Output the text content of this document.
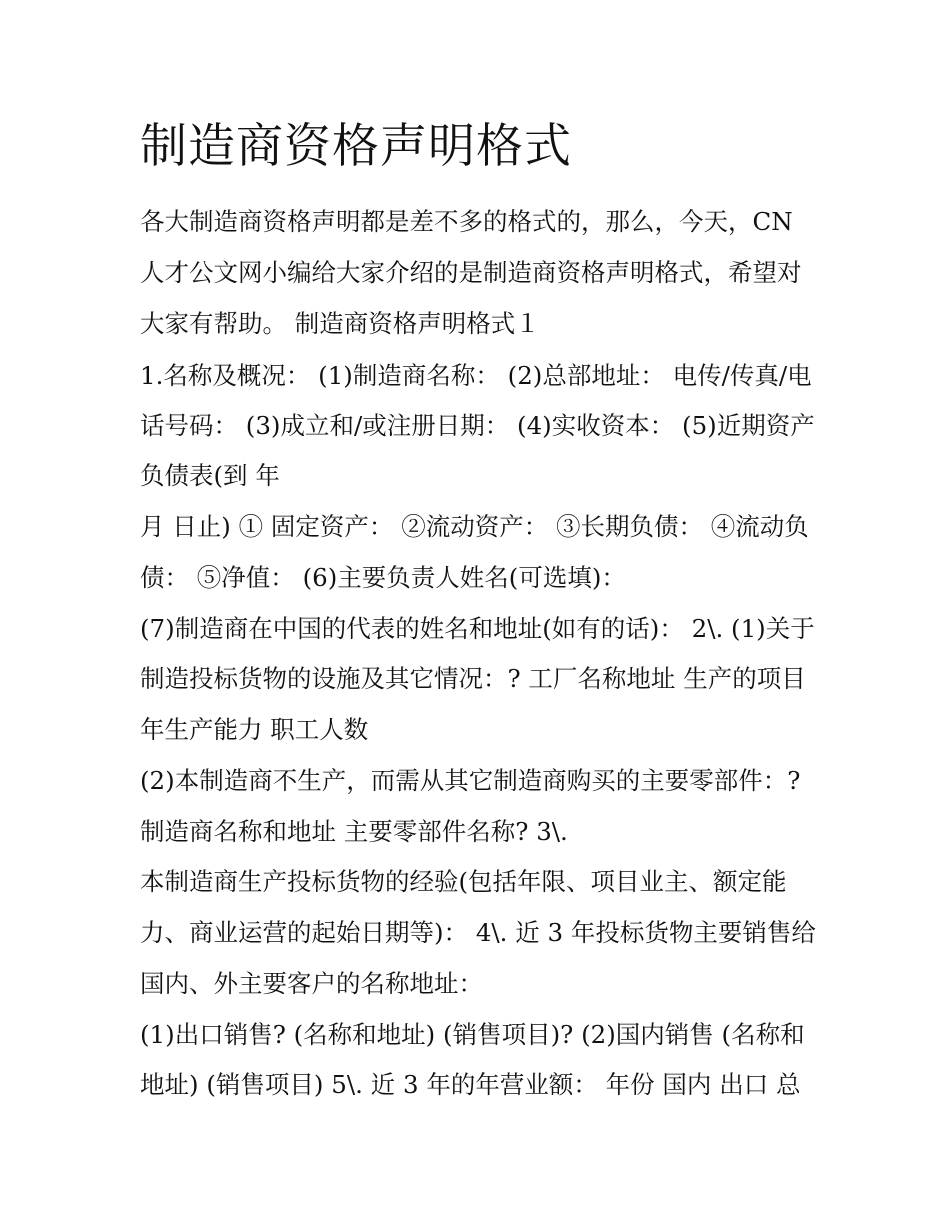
制造商资格声明格式
各大制造商资格声明都是差不多的格式的，那么，今天，CN
人才公文网小编给大家介绍的是制造商资格声明格式，希望对
大家有帮助。 制造商资格声明格式１
1.名称及概况： (1)制造商名称： (2)总部地址： 电传/传真/电
话号码： (3)成立和/或注册日期： (4)实收资本： (5)近期资产
负债表(到 年
月 日止) ① 固定资产： ②流动资产： ③长期负债： ④流动负
债： ⑤净值： (6)主要负责人姓名(可选填)：
(7)制造商在中国的代表的姓名和地址(如有的话)： 2\. (1)关于
制造投标货物的设施及其它情况：? 工厂名称地址 生产的项目
年生产能力 职工人数
(2)本制造商不生产，而需从其它制造商购买的主要零部件：?
制造商名称和地址 主要零部件名称? 3\.
本制造商生产投标货物的经验(包括年限、项目业主、额定能
力、商业运营的起始日期等)： 4\. 近 3 年投标货物主要销售给
国内、外主要客户的名称地址：
(1)出口销售? (名称和地址) (销售项目)? (2)国内销售 (名称和
地址) (销售项目) 5\. 近 3 年的年营业额： 年份 国内 出口 总
